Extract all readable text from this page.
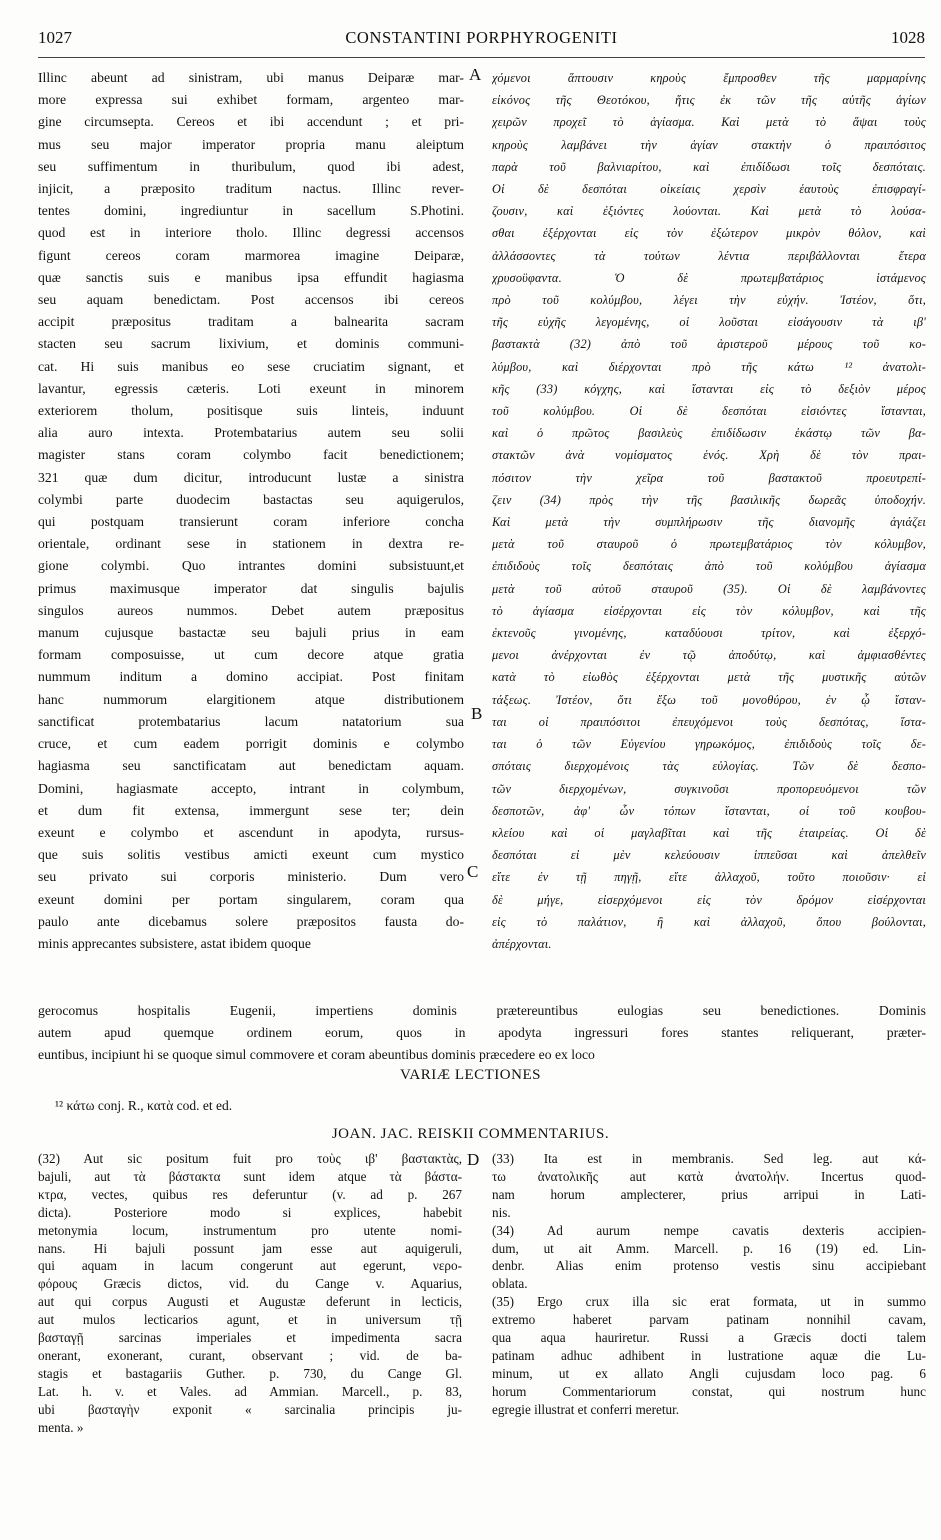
1027	CONSTANTINI PORPHYROGENITI	1028
Illinc abeunt ad sinistram, ubi manus Deiparæ mar-
more expressa sui exhibet formam, argenteo mar-
gine circumsepta. Cereos et ibi accendunt ; et pri-
mus seu major imperator propria manu aleiptum
seu suffimentum in thuribulum, quod ibi adest,
injicit, a præposito traditum nactus. Illinc rever-
tentes domini, ingrediuntur in sacellum S.Photini.
quod est in interiore tholo. Illinc degressi accensos
figunt cereos coram marmorea imagine Deiparæ,
quæ sanctis suis e manibus ipsa effundit hagiasma
seu aquam benedictam. Post accensos ibi cereos
accipit præpositus traditam a balnearita sacram
stacten seu sacrum lixivium, et dominis communi-
cat. Hi suis manibus eo sese cruciatim signant, et
lavantur, egressis cæteris. Loti exeunt in minorem
exteriorem tholum, positisque suis linteis, induunt
alia auro intexta. Protembatarius autem seu solii
magister stans coram colymbo facit benedictionem;
321 quæ dum dicitur, introducunt lustæ a sinistra
colymbi parte duodecim bastactas seu aquigerulos,
qui postquam transierunt coram inferiore concha
orientale, ordinant sese in stationem in dextra re-
gione colymbi. Quo intrantes domini subsistuunt,et
primus maximusque imperator dat singulis bajulis
singulos aureos nummos. Debet autem præpositus
manum cujusque bastactæ seu bajuli prius in eam
formam composuisse, ut cum decore atque gratia
nummum inditum a domino accipiat. Post finitam
hanc nummorum elargitionem atque distributionem
sanctificat protembatarius lacum natatorium sua
cruce, et cum eadem porrigit dominis e colymbo
hagiasma seu sanctificatam aut benedictam aquam.
Domini, hagiasmate accepto, intrant in colymbum,
et dum fit extensa, immergunt sese ter; dein
exeunt e colymbo et ascendunt in apodyta, rursus-
que suis solitis vestibus amicti exeunt cum mystico
seu privato sui corporis ministerio. Dum vero
exeunt domini per portam singularem, coram qua
paulo ante dicebamus solere præpositos fausta do-
minis apprecantes subsistere, astat ibidem quoque
χόμενοι ἅπτουσιν κηροὺς ἔμπροσθεν τῆς μαρμαρίνης
εἰκόνος τῆς Θεοτόκου, ἥτις ἐκ τῶν τῆς αὐτῆς ἁγίων
χειρῶν προχεῖ τὸ ἁγίασμα. Καὶ μετὰ τὸ ἅψαι τοὺς
κηροὺς λαμβάνει τὴν ἁγίαν στακτὴν ὁ πραιπόσιτος
παρὰ τοῦ βαλνιαρίτου, καὶ ἐπιδίδωσι τοῖς δεσπόταις.
Οἱ δὲ δεσπόται οἰκείαις χερσὶν ἑαυτοὺς ἐπισφραγί-
ζουσιν, καὶ ἐξιόντες λούονται. Καὶ μετὰ τὸ λούσα-
σθαι ἐξέρχονται εἰς τὸν ἐξώτερον μικρὸν θόλον, καὶ
ἀλλάσσοντες τὰ τούτων λέντια περιβάλλονται ἕτερα
χρυσοϋφαντα. Ὁ δὲ πρωτεμβατάριος ἱστάμενος
πρὸ τοῦ κολύμβου, λέγει τὴν εὐχήν. Ἰστέον, ὅτι,
τῆς εὐχῆς λεγομένης, οἱ λοῦσται εἰσάγουσιν τὰ ιβ'
βαστακτὰ (32) ἀπὸ τοῦ ἀριστεροῦ μέρους τοῦ κο-
λύμβου, καὶ διέρχονται πρὸ τῆς κάτω ¹² ἀνατολι-
κῆς (33) κόγχης, καὶ ἵστανται εἰς τὸ δεξιὸν μέρος
τοῦ κολύμβου. Οἱ δὲ δεσπόται εἰσιόντες ἵστανται,
καὶ ὁ πρῶτος βασιλεὺς ἐπιδίδωσιν ἑκάστῳ τῶν βα-
στακτῶν ἀνὰ νομίσματος ἑνός. Χρὴ δὲ τὸν πραι-
πόσιτον τὴν χεῖρα τοῦ βαστακτοῦ προευτρεπί-
ζειν (34) πρὸς τὴν τῆς βασιλικῆς δωρεᾶς ὑποδοχήν.
Καὶ μετὰ τὴν συμπλήρωσιν τῆς διανομῆς ἁγιάζει
μετὰ τοῦ σταυροῦ ὁ πρωτεμβατάριος τὸν κόλυμβον,
ἐπιδιδοὺς τοῖς δεσπόταις ἀπὸ τοῦ κολύμβου ἁγίασμα
μετὰ τοῦ αὐτοῦ σταυροῦ (35). Οἱ δὲ λαμβάνοντες
τὸ ἁγίασμα εἰσέρχονται εἰς τὸν κόλυμβον, καὶ τῆς
ἐκτενοῦς γινομένης, καταδύουσι τρίτον, καὶ ἐξερχό-
μενοι ἀνέρχονται ἐν τῷ ἀποδύτῳ, καὶ ἀμφιασθέντες
κατὰ τὸ εἰωθὸς ἐξέρχονται μετὰ τῆς μυστικῆς αὐτῶν
τάξεως. Ἰστέον, ὅτι ἔξω τοῦ μονοθύρου, ἐν ᾧ ἵσταν-
ται οἱ πραιπόσιτοι ἐπευχόμενοι τοὺς δεσπότας, ἵστα-
ται ὁ τῶν Εὐγενίου γηρωκόμος, ἐπιδιδοὺς τοῖς δε-
σπόταις διερχομένοις τὰς εὐλογίας. Τῶν δὲ δεσπο-
τῶν διερχομένων, συγκινοῦσι προπορευόμενοι τῶν
δεσποτῶν, ἀφ' ὧν τόπων ἵστανται, οἱ τοῦ κουβου-
κλείου καὶ οἱ μαγλαβῖται καὶ τῆς ἑταιρείας. Οἱ δὲ
δεσπόται εἰ μὲν κελεύουσιν ἱππεῦσαι καὶ ἀπελθεῖν
εἴτε ἐν τῇ πηγῇ, εἴτε ἀλλαχοῦ, τοῦτο ποιοῦσιν· εἰ
δὲ μήγε, εἰσερχόμενοι εἰς τὸν δρόμον εἰσέρχονται
εἰς τὸ παλάτιον, ἢ καὶ ἀλλαχοῦ, ὅπου βούλονται,
ἀπέρχονται.
A
B
C
D
gerocomus hospitalis Eugenii, impertiens dominis prætereuntibus eulogias seu benedictiones. Dominis
autem apud quemque ordinem eorum, quos in apodyta ingressuri fores stantes reliquerant, præter-
euntibus, incipiunt hi se quoque simul commovere et coram abeuntibus dominis præcedere eo ex loco
VARIÆ LECTIONES
¹² κάτω conj. R., κατὰ cod. et ed.
JOAN. JAC. REISKII COMMENTARIUS.
(32) Aut sic positum fuit pro τοὺς ιβ' βαστακτὰς,
bajuli, aut τὰ βάστακτα sunt idem atque τὰ βάστα-
κτρα, vectes, quibus res deferuntur (v. ad p. 267
dicta). Posteriore modo si explices, habebit
metonymia locum, instrumentum pro utente nomi-
nans. Hi bajuli possunt jam esse aut aquigeruli,
qui aquam in lacum congerunt aut egerunt, νερο-
φόρους Græcis dictos, vid. du Cange v. Aquarius,
aut qui corpus Augusti et Augustæ deferunt in lecticis,
aut mulos lecticarios agunt, et in universum τῇ
βασταγῇ sarcinas imperiales et impedimenta sacra
onerant, exonerant, curant, observant ; vid. de ba-
stagis et bastagariis Guther. p. 730, du Cange Gl.
Lat. h. v. et Vales. ad Ammian. Marcell., p. 83,
ubi βασταγὴν exponit « sarcinalia principis ju-
menta. »
(33) Ita est in membranis. Sed leg. aut κά-
τω ἀνατολικῆς aut κατὰ ἀνατολήν. Incertus quod-
nam horum amplecterer, prius arripui in Lati-
nis.
(34) Ad aurum nempe cavatis dexteris accipien-
dum, ut ait Amm. Marcell. p. 16 (19) ed. Lin-
denbr. Alias enim protenso vestis sinu accipiebant
oblata.
(35) Ergo crux illa sic erat formata, ut in summo
extremo haberet parvam patinam nonnihil cavam,
qua aqua hauriretur. Russi a Græcis docti talem
patinam adhuc adhibent in lustratione aquæ die Lu-
minum, ut ex allato Angli cujusdam loco pag. 6
horum Commentariorum constat, qui nostrum hunc
egregie illustrat et conferri meretur.
